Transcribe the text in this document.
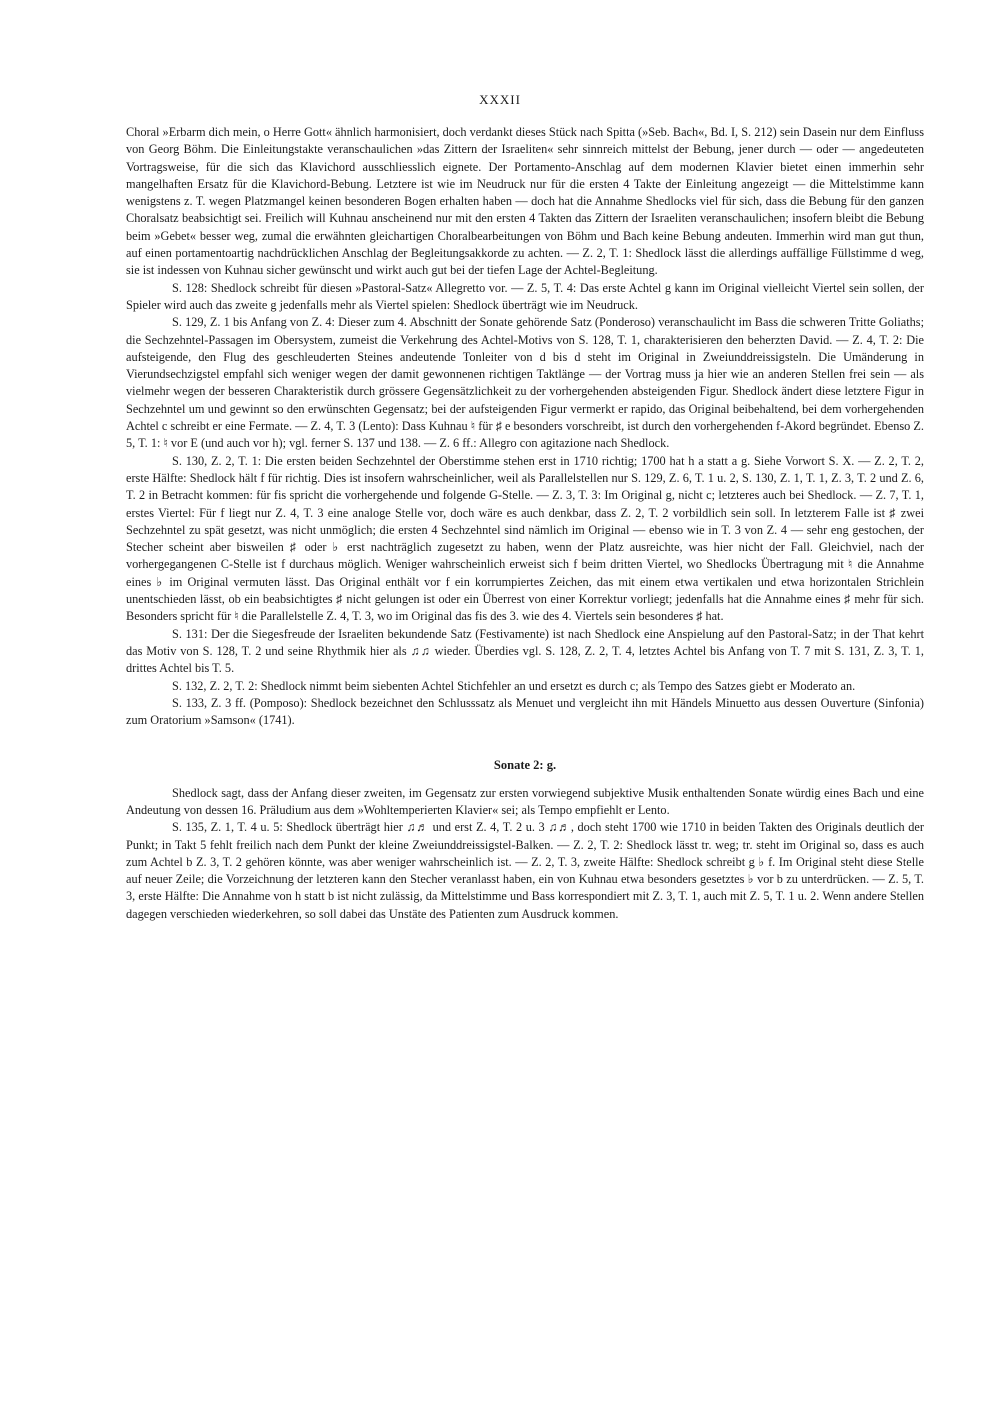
XXXII

Choral »Erbarm dich mein, o Herre Gott« ähnlich harmonisiert, doch verdankt dieses Stück nach Spitta (»Seb. Bach«, Bd. I, S. 212) sein Dasein nur dem Einfluss von Georg Böhm. Die Einleitungstakte veranschaulichen »das Zittern der Israeliten« sehr sinnreich mittelst der Bebung, jener durch — oder — angedeuteten Vortragsweise, für die sich das Klavichord ausschliesslich eignete. Der Portamento-Anschlag auf dem modernen Klavier bietet einen immerhin sehr mangelhaften Ersatz für die Klavichord-Bebung. Letztere ist wie im Neudruck nur für die ersten 4 Takte der Einleitung angezeigt — die Mittelstimme kann wenigstens z. T. wegen Platzmangel keinen besonderen Bogen erhalten haben — doch hat die Annahme Shedlocks viel für sich, dass die Bebung für den ganzen Choralsatz beabsichtigt sei. Freilich will Kuhnau anscheinend nur mit den ersten 4 Takten das Zittern der Israeliten veranschaulichen; insofern bleibt die Bebung beim »Gebet« besser weg, zumal die erwähnten gleichartigen Choralbearbeitungen von Böhm und Bach keine Bebung andeuten. Immerhin wird man gut thun, auf einen portamentoartig nachdrücklichen Anschlag der Begleitungsakkorde zu achten. — Z. 2, T. 1: Shedlock lässt die allerdings auffällige Füllstimme d weg, sie ist indessen von Kuhnau sicher gewünscht und wirkt auch gut bei der tiefen Lage der Achtel-Begleitung.

S. 128: Shedlock schreibt für diesen »Pastoral-Satz« Allegretto vor. — Z. 5, T. 4: Das erste Achtel g kann im Original vielleicht Viertel sein sollen, der Spieler wird auch das zweite g jedenfalls mehr als Viertel spielen: Shedlock überträgt wie im Neudruck.

S. 129, Z. 1 bis Anfang von Z. 4: Dieser zum 4. Abschnitt der Sonate gehörende Satz (Ponderoso) veranschaulicht im Bass die schweren Tritte Goliaths; die Sechzehntel-Passagen im Obersystem, zumeist die Verkehrung des Achtel-Motivs von S. 128, T. 1, charakterisieren den beherzten David. — Z. 4, T. 2: Die aufsteigende, den Flug des geschleuderten Steines andeutende Tonleiter von d bis d steht im Original in Zweiunddreissigsteln. Die Umänderung in Vierundsechzigstel empfahl sich weniger wegen der damit gewonnenen richtigen Taktlänge — der Vortrag muss ja hier wie an anderen Stellen frei sein — als vielmehr wegen der besseren Charakteristik durch grössere Gegensätzlichkeit zu der vorhergehenden absteigenden Figur. Shedlock ändert diese letztere Figur in Sechzehntel um und gewinnt so den erwünschten Gegensatz; bei der aufsteigenden Figur vermerkt er rapido, das Original beibehaltend, bei dem vorhergehenden Achtel c schreibt er eine Fermate. — Z. 4, T. 3 (Lento): Dass Kuhnau ♮ für ♯ e besonders vorschreibt, ist durch den vorhergehenden f-Akord begründet. Ebenso Z. 5, T. 1: ♮ vor E (und auch vor h); vgl. ferner S. 137 und 138. — Z. 6 ff.: Allegro con agitazione nach Shedlock.

S. 130, Z. 2, T. 1: Die ersten beiden Sechzehntel der Oberstimme stehen erst in 1710 richtig; 1700 hat h a statt a g. Siehe Vorwort S. X. — Z. 2, T. 2, erste Hälfte: Shedlock hält f für richtig. Dies ist insofern wahrscheinlicher, weil als Parallelstellen nur S. 129, Z. 6, T. 1 u. 2, S. 130, Z. 1, T. 1, Z. 3, T. 2 und Z. 6, T. 2 in Betracht kommen: für fis spricht die vorhergehende und folgende G-Stelle. — Z. 3, T. 3: Im Original g, nicht c; letzteres auch bei Shedlock. — Z. 7, T. 1, erstes Viertel: Für f liegt nur Z. 4, T. 3 eine analoge Stelle vor, doch wäre es auch denkbar, dass Z. 2, T. 2 vorbildlich sein soll. In letzterem Falle ist ♯ zwei Sechzehntel zu spät gesetzt, was nicht unmöglich; die ersten 4 Sechzehntel sind nämlich im Original — ebenso wie in T. 3 von Z. 4 — sehr eng gestochen, der Stecher scheint aber bisweilen ♯ oder ♭ erst nachträglich zugesetzt zu haben, wenn der Platz ausreichte, was hier nicht der Fall. Gleichviel, nach der vorhergegangenen C-Stelle ist f durchaus möglich. Weniger wahrscheinlich erweist sich f beim dritten Viertel, wo Shedlocks Übertragung mit ♮ die Annahme eines ♭ im Original vermuten lässt. Das Original enthält vor f ein korrumpiertes Zeichen, das mit einem etwa vertikalen und etwa horizontalen Strichlein unentschieden lässt, ob ein beabsichtigtes ♯ nicht gelungen ist oder ein Überrest von einer Korrektur vorliegt; jedenfalls hat die Annahme eines ♯ mehr für sich. Besonders spricht für ♮ die Parallelstelle Z. 4, T. 3, wo im Original das fis des 3. wie des 4. Viertels sein besonderes ♯ hat.

S. 131: Der die Siegesfreude der Israeliten bekundende Satz (Festivamente) ist nach Shedlock eine Anspielung auf den Pastoral-Satz; in der That kehrt das Motiv von S. 128, T. 2 und seine Rhythmik hier als ♫♫ wieder. Überdies vgl. S. 128, Z. 2, T. 4, letztes Achtel bis Anfang von T. 7 mit S. 131, Z. 3, T. 1, drittes Achtel bis T. 5.

S. 132, Z. 2, T. 2: Shedlock nimmt beim siebenten Achtel Stichfehler an und ersetzt es durch c; als Tempo des Satzes giebt er Moderato an.

S. 133, Z. 3 ff. (Pomposo): Shedlock bezeichnet den Schlusssatz als Menuet und vergleicht ihn mit Händels Minuetto aus dessen Ouverture (Sinfonia) zum Oratorium »Samson« (1741).

Sonate 2: g.

Shedlock sagt, dass der Anfang dieser zweiten, im Gegensatz zur ersten vorwiegend subjektive Musik enthaltenden Sonate würdig eines Bach und eine Andeutung von dessen 16. Präludium aus dem »Wohltemperierten Klavier« sei; als Tempo empfiehlt er Lento.

S. 135, Z. 1, T. 4 u. 5: Shedlock überträgt hier ♫♬ und erst Z. 4, T. 2 u. 3 ♫♬, doch steht 1700 wie 1710 in beiden Takten des Originals deutlich der Punkt; in Takt 5 fehlt freilich nach dem Punkt der kleine Zweiunddreissigstel-Balken. — Z. 2, T. 2: Shedlock lässt tr. weg; tr. steht im Original so, dass es auch zum Achtel b Z. 3, T. 2 gehören könnte, was aber weniger wahrscheinlich ist. — Z. 2, T. 3, zweite Hälfte: Shedlock schreibt g ♭ f. Im Original steht diese Stelle auf neuer Zeile; die Vorzeichnung der letzteren kann den Stecher veranlasst haben, ein von Kuhnau etwa besonders gesetztes ♭ vor b zu unterdrücken. — Z. 5, T. 3, erste Hälfte: Die Annahme von h statt b ist nicht zulässig, da Mittelstimme und Bass korrespondiert mit Z. 3, T. 1, auch mit Z. 5, T. 1 u. 2. Wenn andere Stellen dagegen verschieden wiederkehren, so soll dabei das Unstäte des Patienten zum Ausdruck kommen.
